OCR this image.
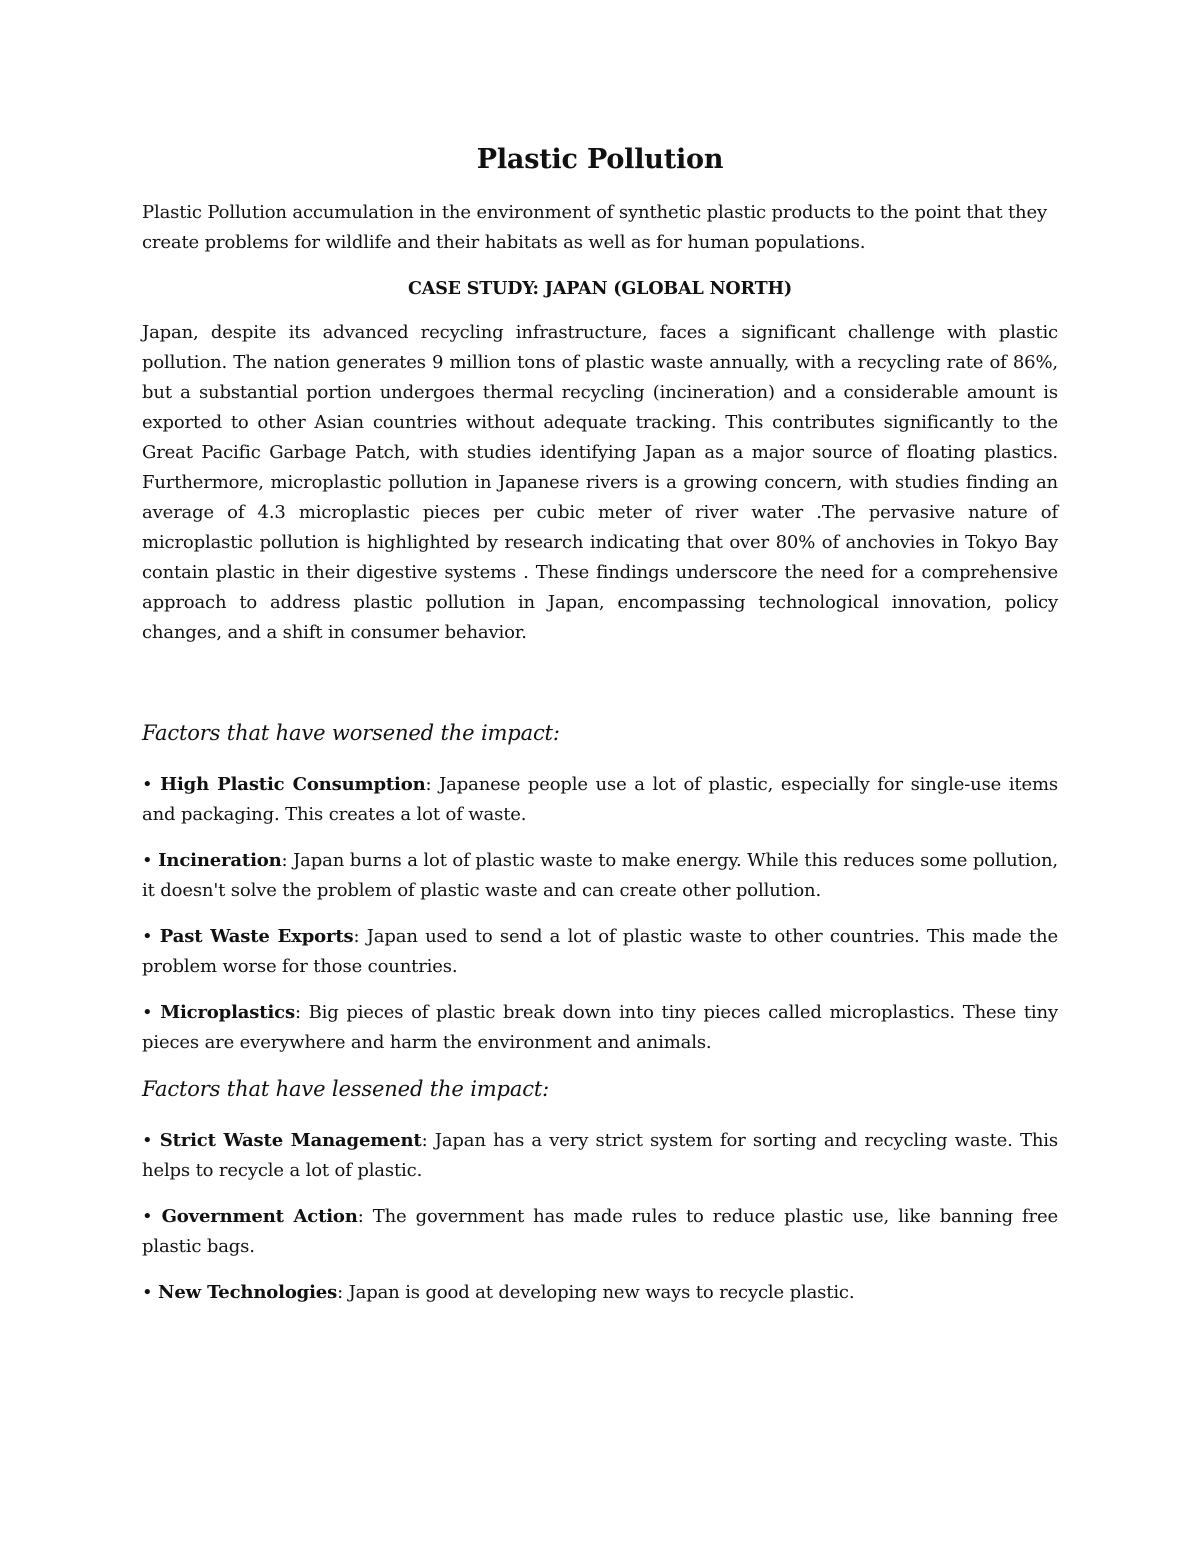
Plastic Pollution

Plastic Pollution accumulation in the environment of synthetic plastic products to the point that they create problems for wildlife and their habitats as well as for human populations.

CASE STUDY: JAPAN (GLOBAL NORTH)

Japan, despite its advanced recycling infrastructure, faces a significant challenge with plastic pollution. The nation generates 9 million tons of plastic waste annually, with a recycling rate of 86%, but a substantial portion undergoes thermal recycling (incineration) and a considerable amount is exported to other Asian countries without adequate tracking. This contributes significantly to the Great Pacific Garbage Patch, with studies identifying Japan as a major source of floating plastics. Furthermore, microplastic pollution in Japanese rivers is a growing concern, with studies finding an average of 4.3 microplastic pieces per cubic meter of river water .The pervasive nature of microplastic pollution is highlighted by research indicating that over 80% of anchovies in Tokyo Bay contain plastic in their digestive systems . These findings underscore the need for a comprehensive approach to address plastic pollution in Japan, encompassing technological innovation, policy changes, and a shift in consumer behavior.

Factors that have worsened the impact:

• High Plastic Consumption: Japanese people use a lot of plastic, especially for single-use items and packaging. This creates a lot of waste.

• Incineration: Japan burns a lot of plastic waste to make energy. While this reduces some pollution, it doesn't solve the problem of plastic waste and can create other pollution.

• Past Waste Exports: Japan used to send a lot of plastic waste to other countries. This made the problem worse for those countries.

• Microplastics: Big pieces of plastic break down into tiny pieces called microplastics. These tiny pieces are everywhere and harm the environment and animals.

Factors that have lessened the impact:

• Strict Waste Management: Japan has a very strict system for sorting and recycling waste. This helps to recycle a lot of plastic.

• Government Action: The government has made rules to reduce plastic use, like banning free plastic bags.

• New Technologies: Japan is good at developing new ways to recycle plastic.
